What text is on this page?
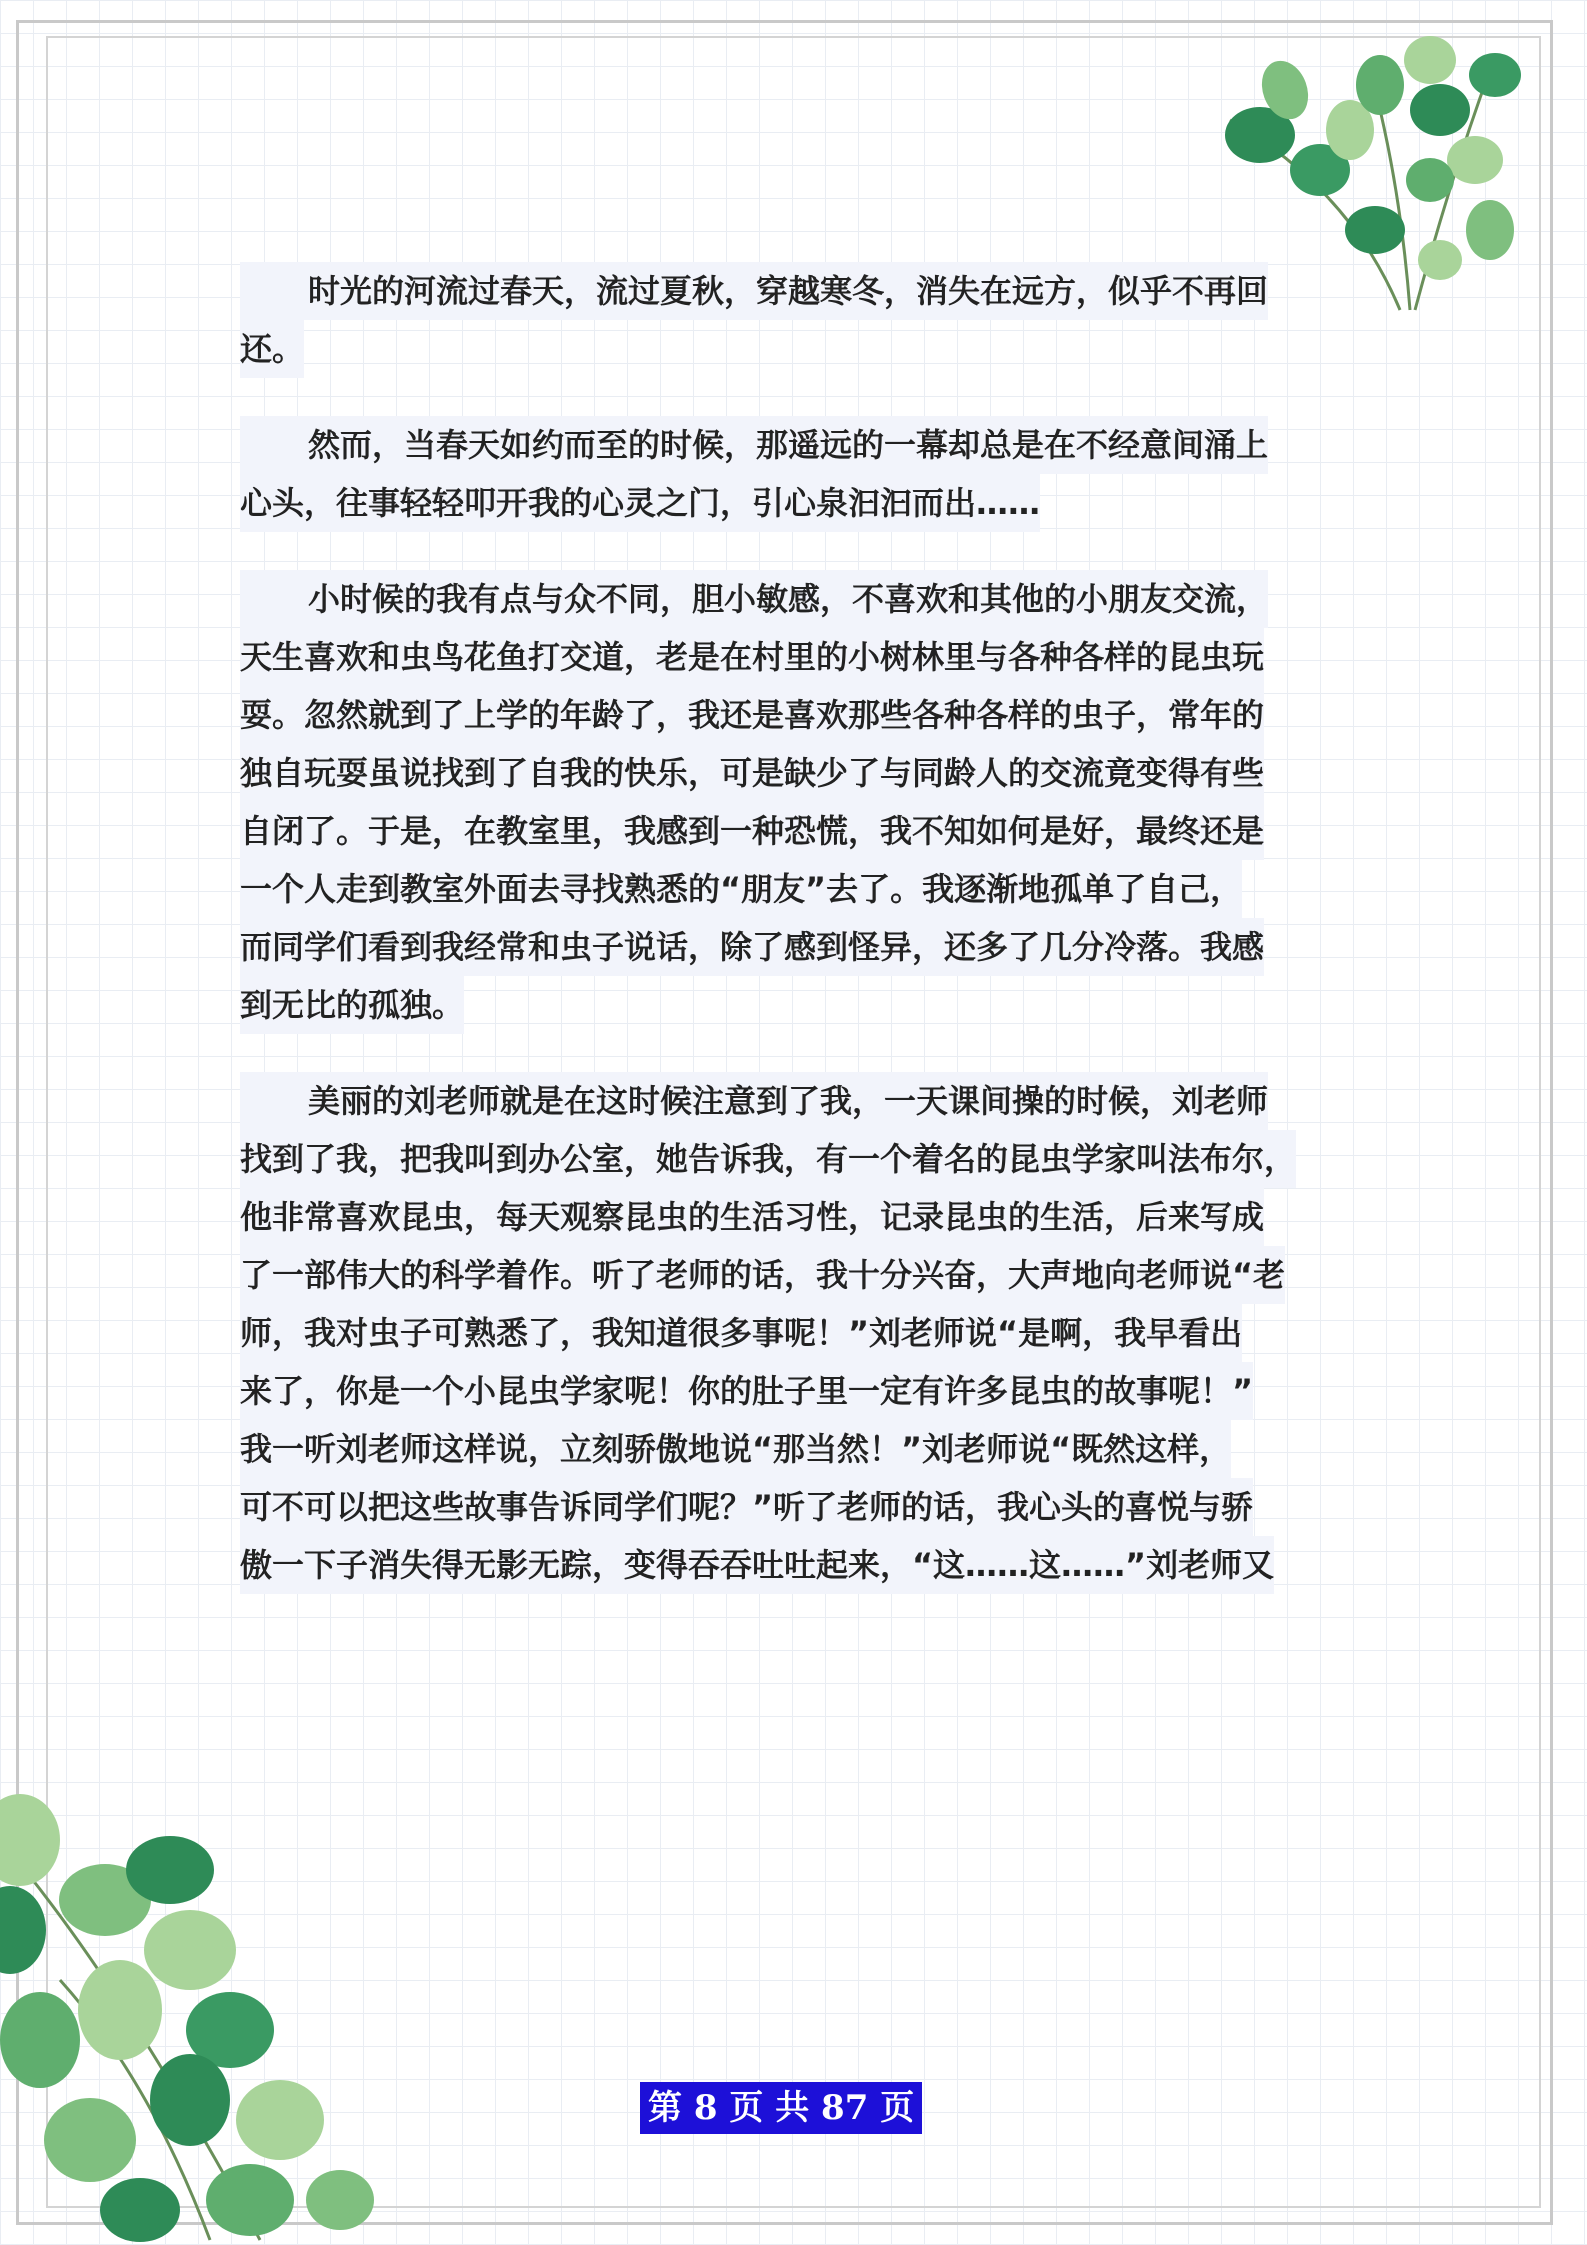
时光的河流过春天，流过夏秋，穿越寒冬，消失在远方，似乎不再回
还。
然而，当春天如约而至的时候，那遥远的一幕却总是在不经意间涌上
心头，往事轻轻叩开我的心灵之门，引心泉汩汩而出……
小时候的我有点与众不同，胆小敏感，不喜欢和其他的小朋友交流，
天生喜欢和虫鸟花鱼打交道，老是在村里的小树林里与各种各样的昆虫玩
耍。忽然就到了上学的年龄了，我还是喜欢那些各种各样的虫子，常年的
独自玩耍虽说找到了自我的快乐，可是缺少了与同龄人的交流竟变得有些
自闭了。于是，在教室里，我感到一种恐慌，我不知如何是好，最终还是
一个人走到教室外面去寻找熟悉的“朋友”去了。我逐渐地孤单了自己，
而同学们看到我经常和虫子说话，除了感到怪异，还多了几分冷落。我感
到无比的孤独。
美丽的刘老师就是在这时候注意到了我，一天课间操的时候，刘老师
找到了我，把我叫到办公室，她告诉我，有一个着名的昆虫学家叫法布尔，
他非常喜欢昆虫，每天观察昆虫的生活习性，记录昆虫的生活，后来写成
了一部伟大的科学着作。听了老师的话，我十分兴奋，大声地向老师说“老
师，我对虫子可熟悉了，我知道很多事呢！”刘老师说“是啊，我早看出
来了，你是一个小昆虫学家呢！你的肚子里一定有许多昆虫的故事呢！”
我一听刘老师这样说，立刻骄傲地说“那当然！”刘老师说“既然这样，
可不可以把这些故事告诉同学们呢？”听了老师的话，我心头的喜悦与骄
傲一下子消失得无影无踪，变得吞吞吐吐起来，“这……这……”刘老师又
第 8 页 共 87 页
